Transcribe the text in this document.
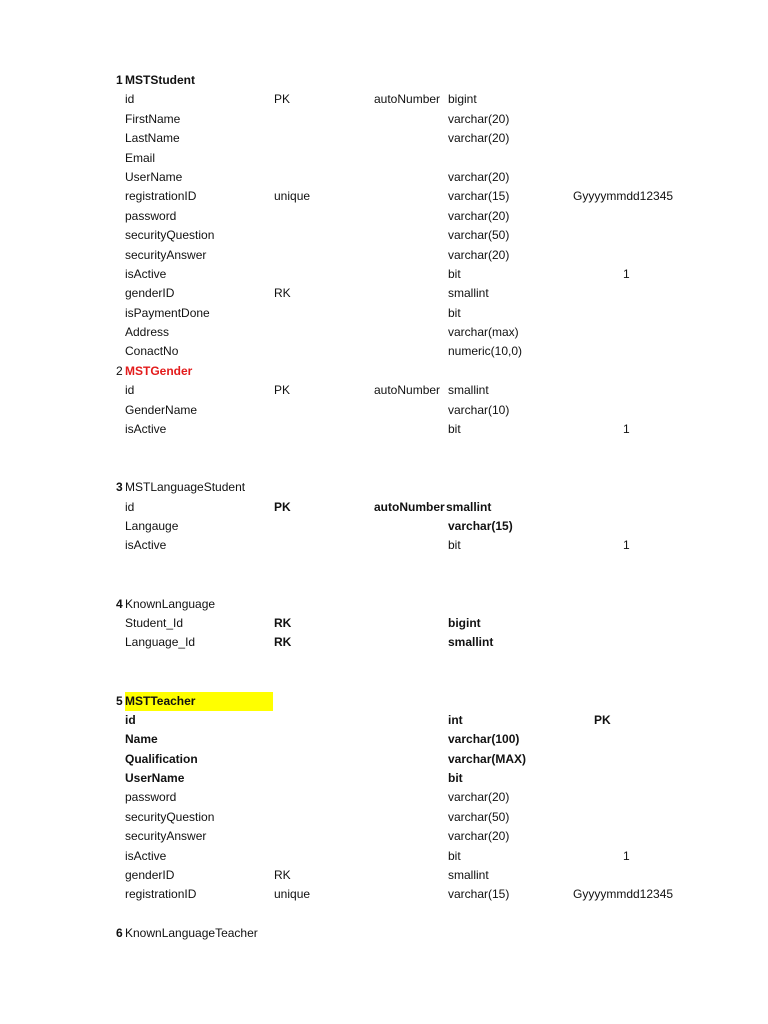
1 MSTStudent
id	PK	autoNumber bigint
FirstName	varchar(20)
LastName	varchar(20)
Email
UserName	varchar(20)
registrationID	unique	varchar(15)	Gyyyymmdd12345
password	varchar(20)
securityQuestion	varchar(50)
securityAnswer	varchar(20)
isActive	bit	1
genderID	RK	smallint
isPaymentDone	bit
Address	varchar(max)
ConactNo	numeric(10,0)
2 MSTGender
id	PK	autoNumber smallint
GenderName	varchar(10)
isActive	bit	1
3 MSTLanguageStudent
id	PK	autoNumber smallint
Langauge	varchar(15)
isActive	bit	1
4 KnownLanguage
Student_Id	RK	bigint
Language_Id	RK	smallint
5 MSTTeacher
id	int	PK
Name	varchar(100)
Qualification	varchar(MAX)
UserName	bit
password	varchar(20)
securityQuestion	varchar(50)
securityAnswer	varchar(20)
isActive	bit	1
genderID	RK	smallint
registrationID	unique	varchar(15)	Gyyyymmdd12345
6 KnownLanguageTeacher
